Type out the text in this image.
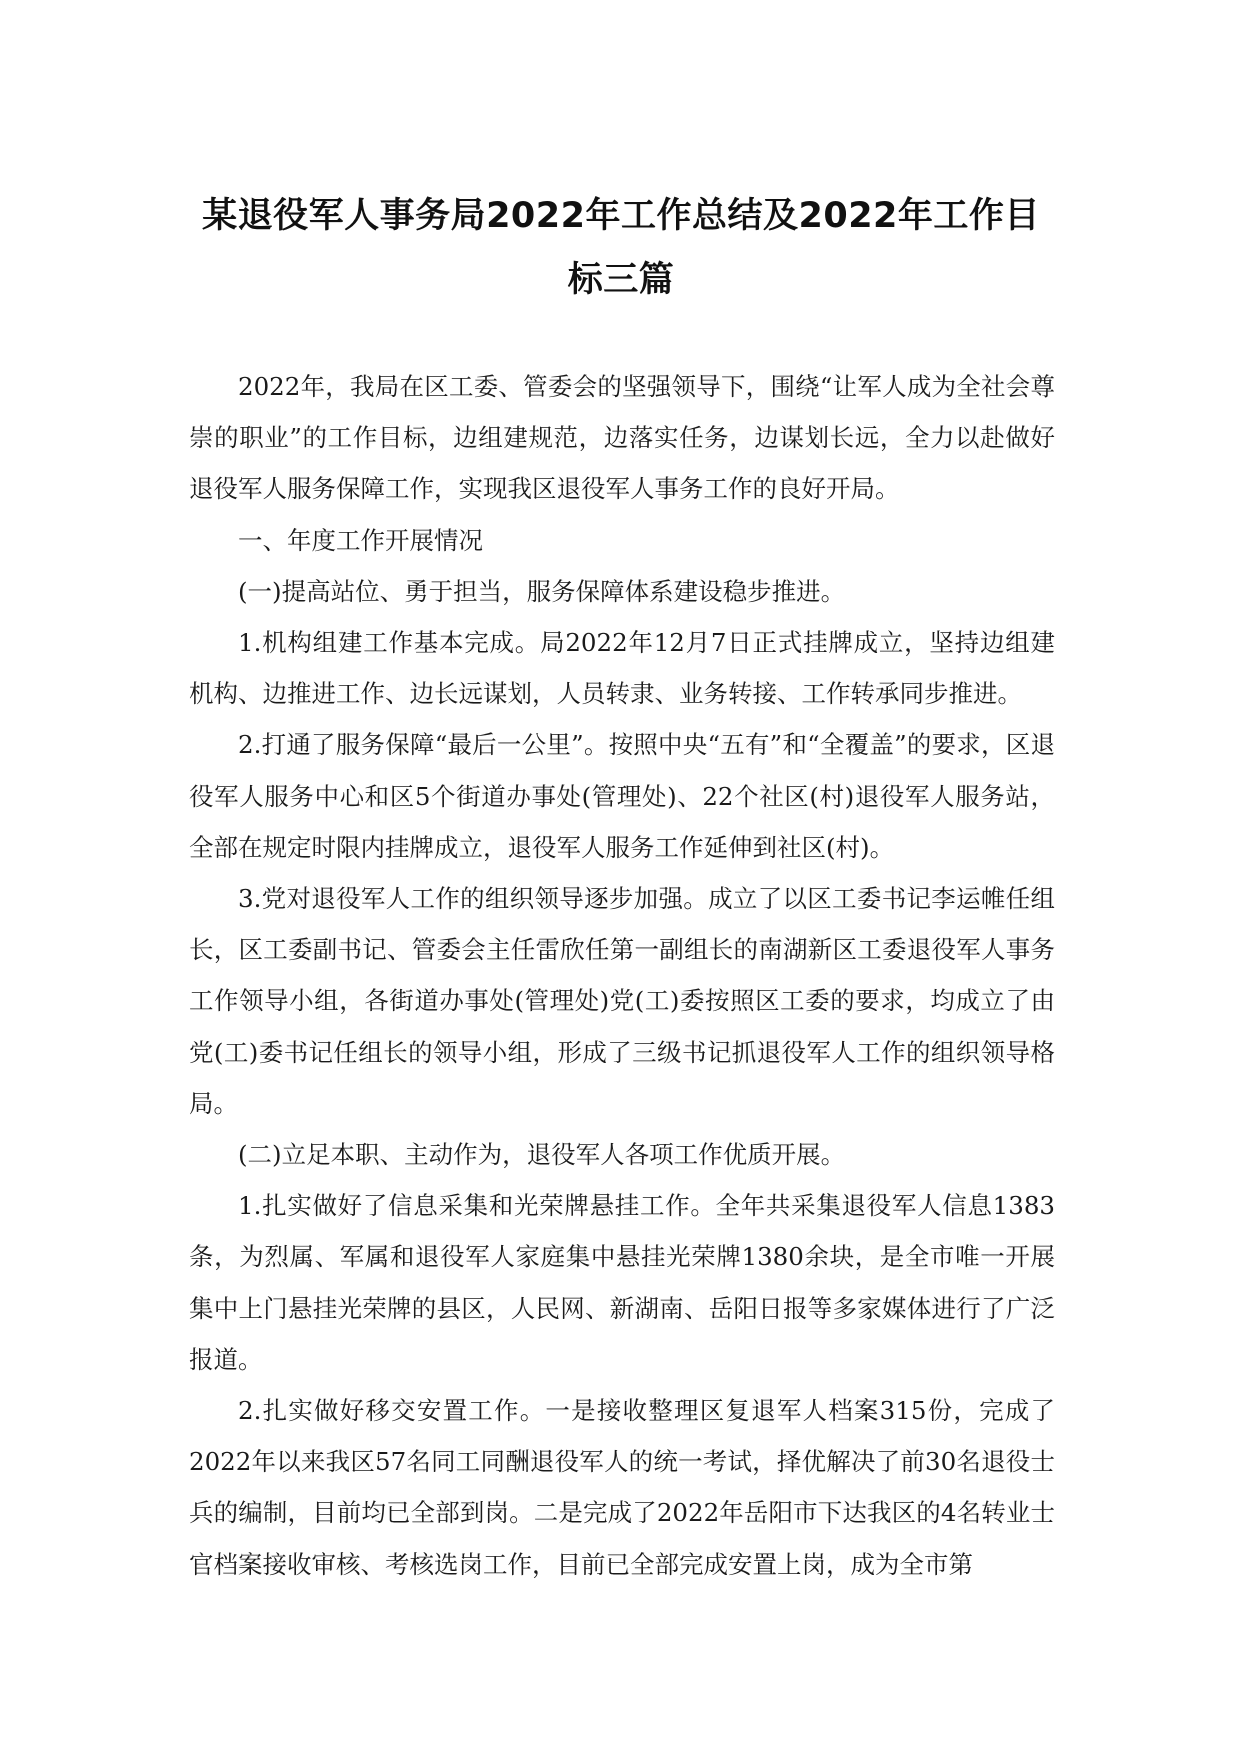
某退役军人事务局2022年工作总结及2022年工作目标三篇

2022年，我局在区工委、管委会的坚强领导下，围绕“让军人成为全社会尊崇的职业”的工作目标，边组建规范，边落实任务，边谋划长远，全力以赴做好退役军人服务保障工作，实现我区退役军人事务工作的良好开局。

一、年度工作开展情况

(一)提高站位、勇于担当，服务保障体系建设稳步推进。

1.机构组建工作基本完成。局2022年12月7日正式挂牌成立，坚持边组建机构、边推进工作、边长远谋划，人员转隶、业务转接、工作转承同步推进。

2.打通了服务保障“最后一公里”。按照中央“五有”和“全覆盖”的要求，区退役军人服务中心和区5个街道办事处(管理处)、22个社区(村)退役军人服务站，全部在规定时限内挂牌成立，退役军人服务工作延伸到社区(村)。

3.党对退役军人工作的组织领导逐步加强。成立了以区工委书记李运帷任组长，区工委副书记、管委会主任雷欣任第一副组长的南湖新区工委退役军人事务工作领导小组，各街道办事处(管理处)党(工)委按照区工委的要求，均成立了由党(工)委书记任组长的领导小组，形成了三级书记抓退役军人工作的组织领导格局。

(二)立足本职、主动作为，退役军人各项工作优质开展。

1.扎实做好了信息采集和光荣牌悬挂工作。全年共采集退役军人信息1383条，为烈属、军属和退役军人家庭集中悬挂光荣牌1380余块，是全市唯一开展集中上门悬挂光荣牌的县区，人民网、新湖南、岳阳日报等多家媒体进行了广泛报道。

2.扎实做好移交安置工作。一是接收整理区复退军人档案315份，完成了2022年以来我区57名同工同酬退役军人的统一考试，择优解决了前30名退役士兵的编制，目前均已全部到岗。二是完成了2022年岳阳市下达我区的4名转业士官档案接收审核、考核选岗工作，目前已全部完成安置上岗，成为全市第
